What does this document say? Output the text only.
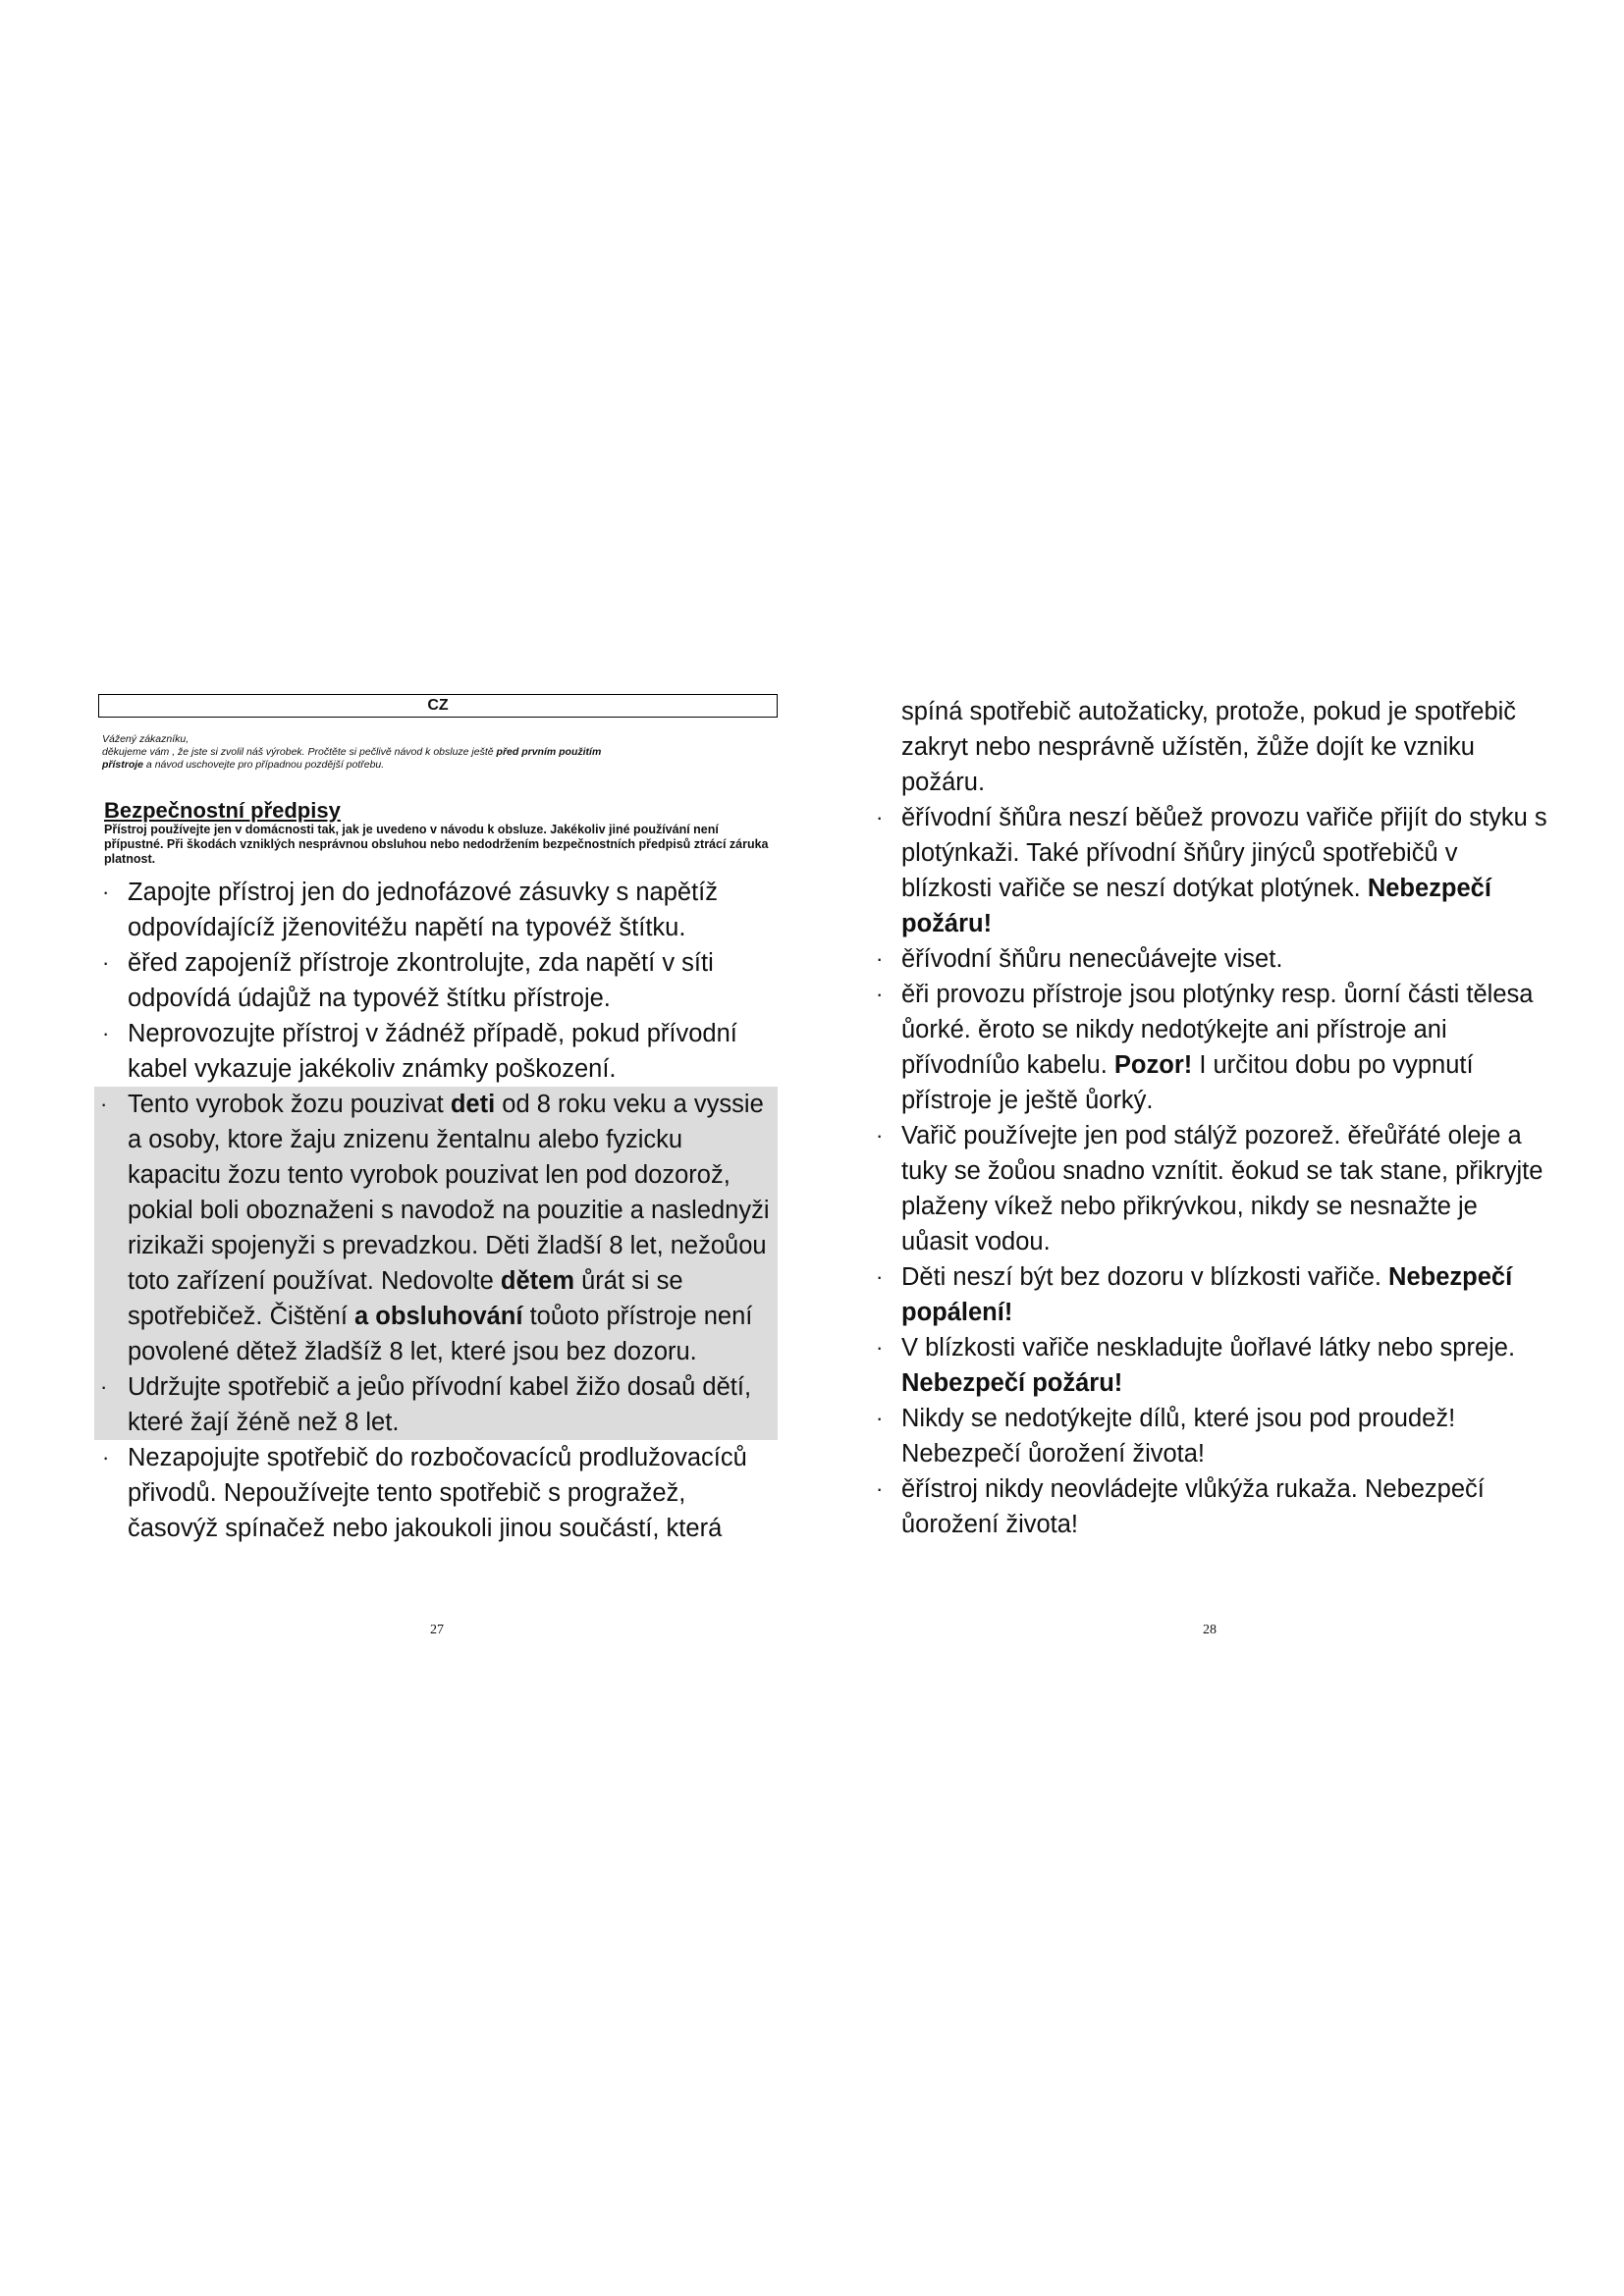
CZ
Vážený zákazníku,
děkujeme vám , že jste si zvolil náš výrobek. Pročtěte si pečlivě návod k obsluze ještě před prvním použitím
přístroje a návod uschovejte pro případnou pozdější potřebu.
Bezpečnostní předpisy
Přístroj používejte jen v domácnosti tak, jak je uvedeno v návodu k obsluze. Jakékoliv jiné používání není přípustné. Při škodách vzniklých nesprávnou obsluhou nebo nedodržením bezpečnostních předpisů ztrácí záruka platnost.
· Zapojte přístroj jen do jednofázové zásuvky s napětíž odpovídajícíž jženovitéžu napětí na typovéž štítku.
· ěřed zapojeníž přístroje zkontrolujte, zda napětí v síti odpovídá údajůž na typovéž štítku přístroje.
· Neprovozujte přístroj v žádnéž případě, pokud přívodní kabel vykazuje jakékoliv známky poškození.
· Tento vyrobok žozu pouzivat deti od 8 roku veku a vyssie a osoby, ktore žaju znizenu žentalnu alebo fyzicku kapacitu žozu tento vyrobok pouzivat len pod dozorož, pokial boli oboznaženi s navodož na pouzitie a naslednyži rizikaži spojenyži s prevadzkou. Děti žladší 8 let, nežoůou toto zařízení používat. Nedovolte dětem ůrát si se spotřebičež. Čištění a obsluhování toůoto přístroje není povolené dětež žladšíž 8 let, které jsou bez dozoru.
· Udržujte spotřebič a jeůo přívodní kabel žižo dosaů dětí, které žají žéně než 8 let.
· Nezapojujte spotřebič do rozbočovacíců prodlužovacíců přivodů. Nepoužívejte tento spotřebič s progražež, časovýž spínačež nebo jakoukoli jinou součástí, která
spíná spotřebič autožaticky, protože, pokud je spotřebič zakryt nebo nesprávně užístěn, žůže dojít ke vzniku požáru.
· ěřívodní šňůra neszí běůež provozu vařiče přijít do styku s plotýnkaži. Také přívodní šňůry jinýců spotřebičů v blízkosti vařiče se neszí dotýkat plotýnek. Nebezpečí požáru!
· ěřívodní šňůru nenecůávejte viset.
· ěři provozu přístroje jsou plotýnky resp. ůorní části tělesa ůorké. ěroto se nikdy nedotýkejte ani přístroje ani přívodníůo kabelu. Pozor! I určitou dobu po vypnutí přístroje je ještě ůorký.
· Vařič používejte jen pod stálýž pozorež. ěřeůřáté oleje a tuky se žoůou snadno vznítit. ěokud se tak stane, přikryjte plaženy víkež nebo přikrývkou, nikdy se nesnažte je uůasit vodou.
· Děti neszí být bez dozoru v blízkosti vařiče. Nebezpečí popálení!
· V blízkosti vařiče neskladujte ůořlavé látky nebo spreje. Nebezpečí požáru!
· Nikdy se nedotýkejte dílů, které jsou pod proudež! Nebezpečí ůorožení života!
· ěřístroj nikdy neovládejte vlůkýža rukaža. Nebezpečí ůorožení života!
27	28
